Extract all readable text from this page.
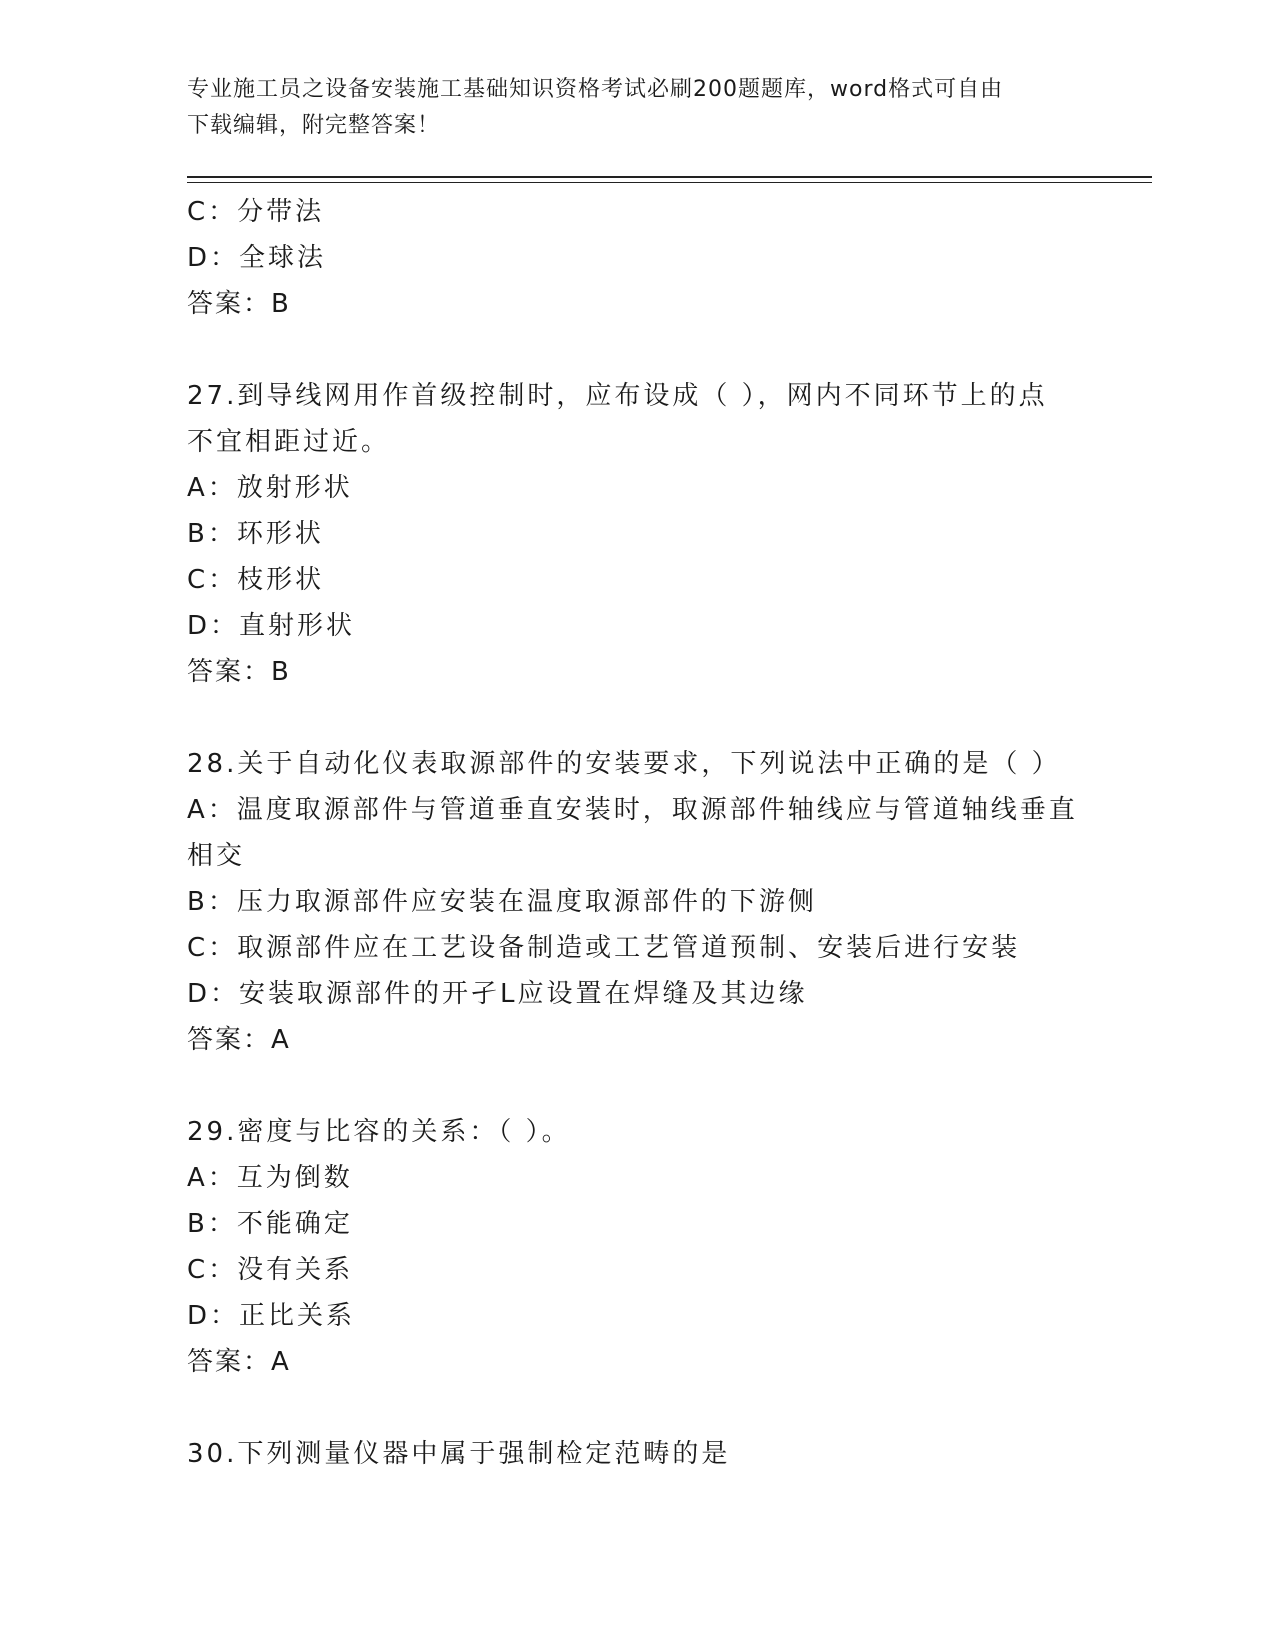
专业施工员之设备安装施工基础知识资格考试必刷200题题库，word格式可自由
下载编辑，附完整答案！
C：分带法
D：全球法
答案：B
27.到导线网用作首级控制时，应布设成（ ），网内不同环节上的点
不宜相距过近。
A：放射形状
B：环形状
C：枝形状
D：直射形状
答案：B
28.关于自动化仪表取源部件的安装要求，下列说法中正确的是（ ）
A：温度取源部件与管道垂直安装时，取源部件轴线应与管道轴线垂直
相交
B：压力取源部件应安装在温度取源部件的下游侧
C：取源部件应在工艺设备制造或工艺管道预制、安装后进行安装
D：安装取源部件的开孑L应设置在焊缝及其边缘
答案：A
29.密度与比容的关系：（ ）。
A：互为倒数
B：不能确定
C：没有关系
D：正比关系
答案：A
30.下列测量仪器中属于强制检定范畴的是
